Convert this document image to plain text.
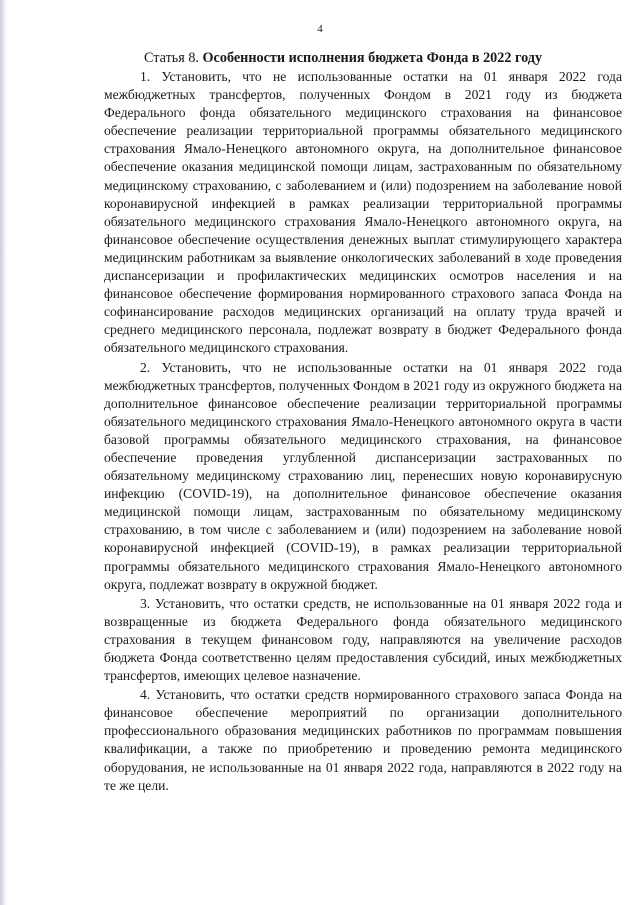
4
Статья 8. Особенности исполнения бюджета Фонда в 2022 году

1. Установить, что не использованные остатки на 01 января 2022 года межбюджетных трансфертов, полученных Фондом в 2021 году из бюджета Федерального фонда обязательного медицинского страхования на финансовое обеспечение реализации территориальной программы обязательного медицинского страхования Ямало-Ненецкого автономного округа, на дополнительное финансовое обеспечение оказания медицинской помощи лицам, застрахованным по обязательному медицинскому страхованию, с заболеванием и (или) подозрением на заболевание новой коронавирусной инфекцией в рамках реализации территориальной программы обязательного медицинского страхования Ямало-Ненецкого автономного округа, на финансовое обеспечение осуществления денежных выплат стимулирующего характера медицинским работникам за выявление онкологических заболеваний в ходе проведения диспансеризации и профилактических медицинских осмотров населения и на финансовое обеспечение формирования нормированного страхового запаса Фонда на софинансирование расходов медицинских организаций на оплату труда врачей и среднего медицинского персонала, подлежат возврату в бюджет Федерального фонда обязательного медицинского страхования.

2. Установить, что не использованные остатки на 01 января 2022 года межбюджетных трансфертов, полученных Фондом в 2021 году из окружного бюджета на дополнительное финансовое обеспечение реализации территориальной программы обязательного медицинского страхования Ямало-Ненецкого автономного округа в части базовой программы обязательного медицинского страхования, на финансовое обеспечение проведения углубленной диспансеризации застрахованных по обязательному медицинскому страхованию лиц, перенесших новую коронавирусную инфекцию (COVID-19), на дополнительное финансовое обеспечение оказания медицинской помощи лицам, застрахованным по обязательному медицинскому страхованию, в том числе с заболеванием и (или) подозрением на заболевание новой коронавирусной инфекцией (COVID-19), в рамках реализации территориальной программы обязательного медицинского страхования Ямало-Ненецкого автономного округа, подлежат возврату в окружной бюджет.

3. Установить, что остатки средств, не использованные на 01 января 2022 года и возвращенные из бюджета Федерального фонда обязательного медицинского страхования в текущем финансовом году, направляются на увеличение расходов бюджета Фонда соответственно целям предоставления субсидий, иных межбюджетных трансфертов, имеющих целевое назначение.

4. Установить, что остатки средств нормированного страхового запаса Фонда на финансовое обеспечение мероприятий по организации дополнительного профессионального образования медицинских работников по программам повышения квалификации, а также по приобретению и проведению ремонта медицинского оборудования, не использованные на 01 января 2022 года, направляются в 2022 году на те же цели.
